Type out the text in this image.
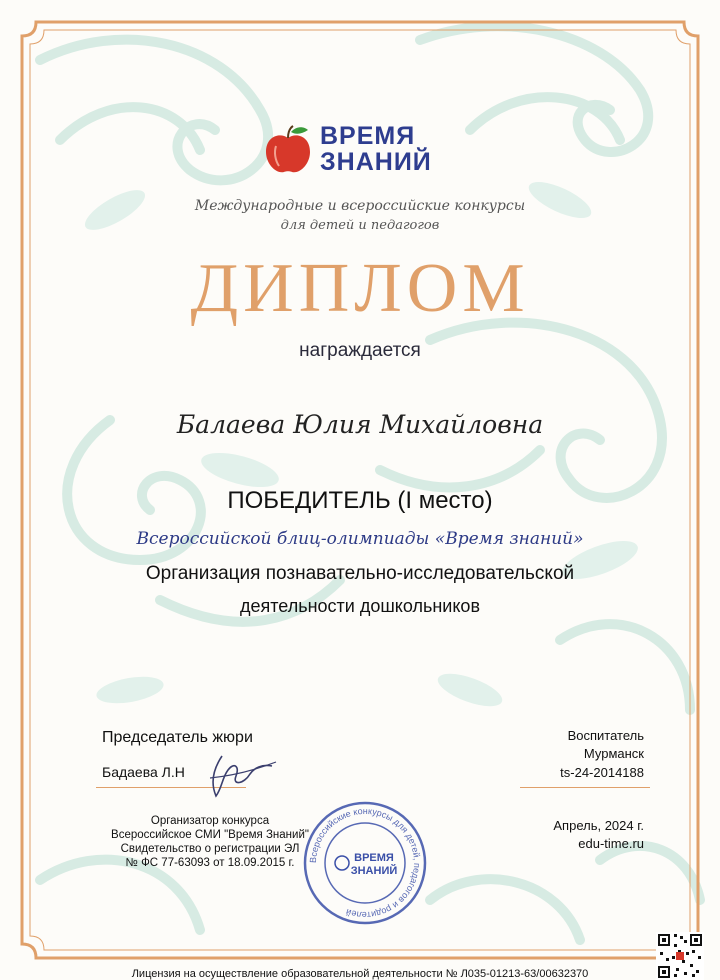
ВРЕМЯ
ЗНАНИЙ
Международные и всероссийские конкурсы
для детей и педагогов
ДИПЛОМ
награждается
Балаева Юлия Михайловна
ПОБЕДИТЕЛЬ (I место)
Всероссийской блиц-олимпиады «Время знаний»
Организация познавательно-исследовательской
деятельности дошкольников
Председатель жюри
Бадаева Л.Н
Воспитатель
Мурманск
ts-24-2014188
Организатор конкурса
Всероссийское СМИ "Время Знаний"
Свидетельство о регистрации ЭЛ
№ ФС 77-63093 от 18.09.2015 г.	Всероссийские конкурсы для детей, педагогов и родителей
ВРЕМЯ
ЗНАНИЙ
Апрель, 2024 г.
edu-time.ru
Лицензия на осуществление образовательной деятельности № Л035-01213-63/00632370
